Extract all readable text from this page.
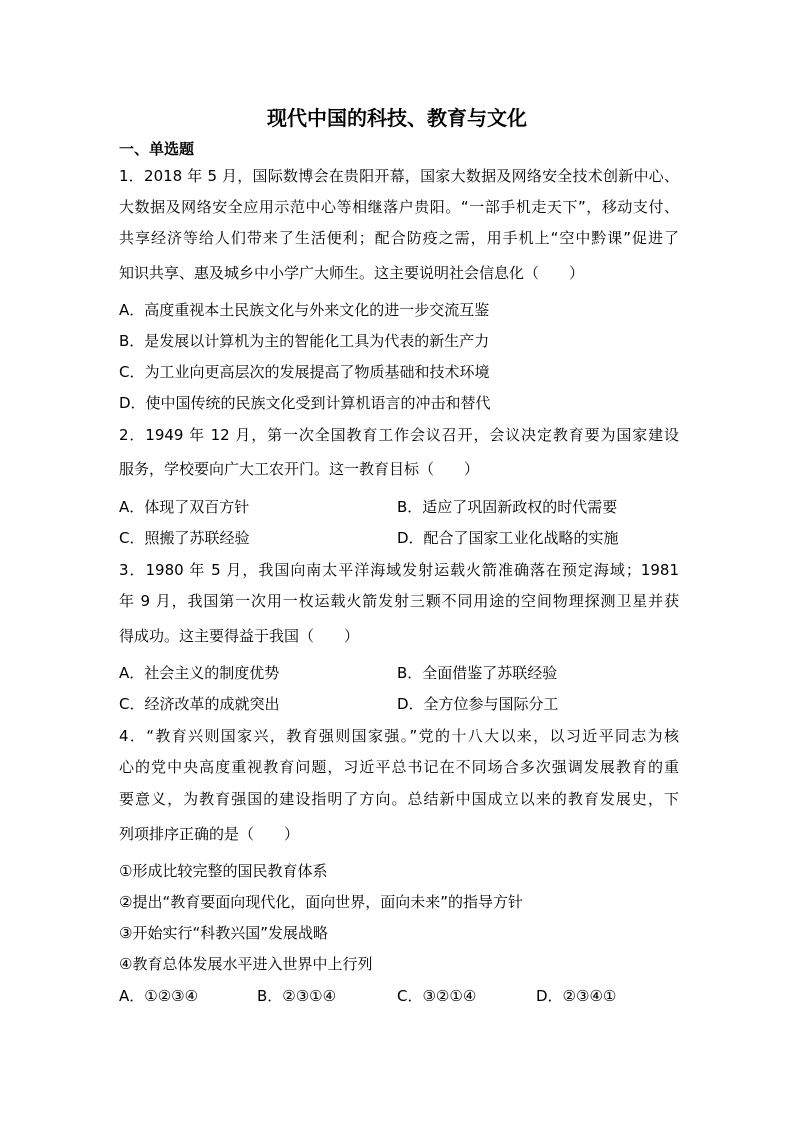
现代中国的科技、教育与文化
一、单选题
1．2018 年 5 月，国际数博会在贵阳开幕，国家大数据及网络安全技术创新中心、
大数据及网络安全应用示范中心等相继落户贵阳。“一部手机走天下”，移动支付、
共享经济等给人们带来了生活便利；配合防疫之需，用手机上“空中黔课”促进了
知识共享、惠及城乡中小学广大师生。这主要说明社会信息化（　　）
A．高度重视本土民族文化与外来文化的进一步交流互鉴
B．是发展以计算机为主的智能化工具为代表的新生产力
C．为工业向更高层次的发展提高了物质基础和技术环境
D．使中国传统的民族文化受到计算机语言的冲击和替代
2．1949 年 12 月，第一次全国教育工作会议召开，会议决定教育要为国家建设
服务，学校要向广大工农开门。这一教育目标（　　）
A．体现了双百方针	B．适应了巩固新政权的时代需要
C．照搬了苏联经验	D．配合了国家工业化战略的实施
3．1980 年 5 月，我国向南太平洋海域发射运载火箭准确落在预定海域；1981
年 9 月，我国第一次用一枚运载火箭发射三颗不同用途的空间物理探测卫星并获
得成功。这主要得益于我国（　　）
A．社会主义的制度优势	B．全面借鉴了苏联经验
C．经济改革的成就突出	D．全方位参与国际分工
4．“教育兴则国家兴，教育强则国家强。”党的十八大以来，以习近平同志为核
心的党中央高度重视教育问题，习近平总书记在不同场合多次强调发展教育的重
要意义，为教育强国的建设指明了方向。总结新中国成立以来的教育发展史，下
列项排序正确的是（　　）
①形成比较完整的国民教育体系
②提出“教育要面向现代化，面向世界，面向未来”的指导方针
③开始实行“科教兴国”发展战略
④教育总体发展水平进入世界中上行列
A．①②③④	B．②③①④	C．③②①④	D．②③④①
